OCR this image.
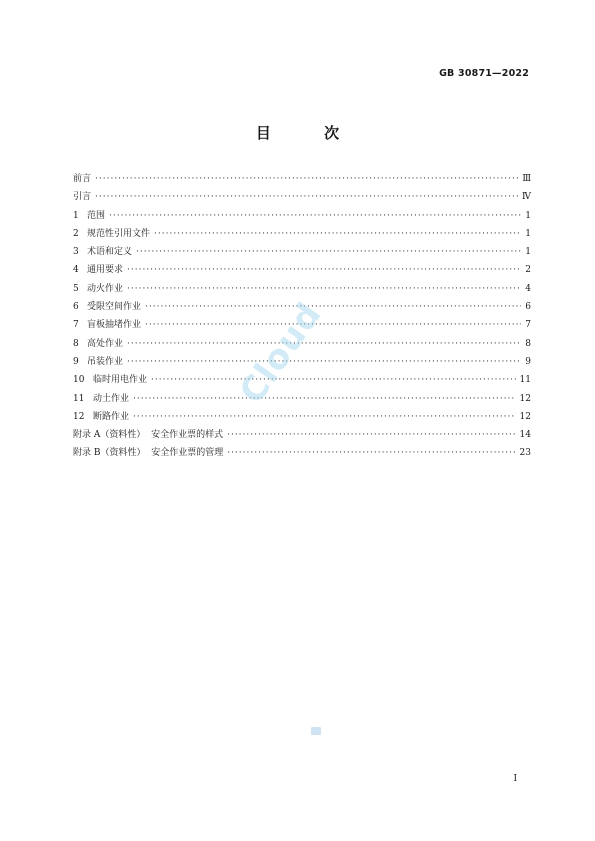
GB 30871—2022
目 次
前言 ·····	Ⅲ
引言 ·····	Ⅳ
1 范围 ·····	1
2 规范性引用文件 ·····	1
3 术语和定义 ·····	1
4 通用要求 ·····	2
5 动火作业 ·····	4
6 受限空间作业 ·····	6
7 盲板抽堵作业 ·····	7
8 高处作业 ·····	8
9 吊装作业 ·····	9
10 临时用电作业 ·····	11
11 动土作业 ·····	12
12 断路作业 ·····	12
附录 A（资料性）  安全作业票的样式 ·····	14
附录 B（资料性）  安全作业票的管理 ·····	23
Cloud
I
